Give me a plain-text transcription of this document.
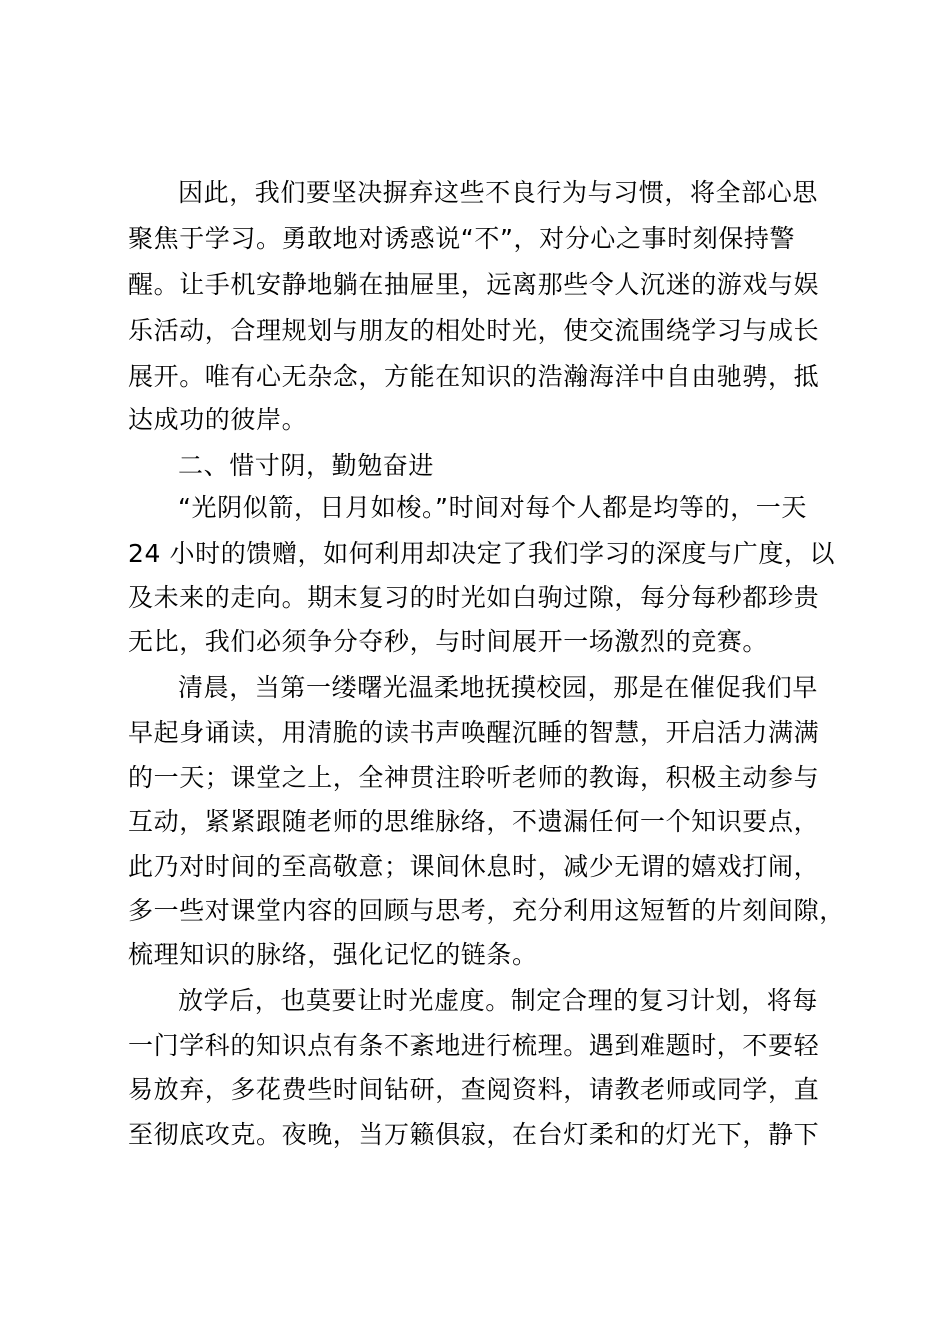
因此，我们要坚决摒弃这些不良行为与习惯，将全部心思
聚焦于学习。勇敢地对诱惑说“不”，对分心之事时刻保持警
醒。让手机安静地躺在抽屉里，远离那些令人沉迷的游戏与娱
乐活动，合理规划与朋友的相处时光，使交流围绕学习与成长
展开。唯有心无杂念，方能在知识的浩瀚海洋中自由驰骋，抵
达成功的彼岸。
二、惜寸阴，勤勉奋进
“光阴似箭，日月如梭。”时间对每个人都是均等的，一天
24 小时的馈赠，如何利用却决定了我们学习的深度与广度，以
及未来的走向。期末复习的时光如白驹过隙，每分每秒都珍贵
无比，我们必须争分夺秒，与时间展开一场激烈的竞赛。
清晨，当第一缕曙光温柔地抚摸校园，那是在催促我们早
早起身诵读，用清脆的读书声唤醒沉睡的智慧，开启活力满满
的一天；课堂之上，全神贯注聆听老师的教诲，积极主动参与
互动，紧紧跟随老师的思维脉络，不遗漏任何一个知识要点，
此乃对时间的至高敬意；课间休息时，减少无谓的嬉戏打闹，
多一些对课堂内容的回顾与思考，充分利用这短暂的片刻间隙，
梳理知识的脉络，强化记忆的链条。
放学后，也莫要让时光虚度。制定合理的复习计划，将每
一门学科的知识点有条不紊地进行梳理。遇到难题时，不要轻
易放弃，多花费些时间钻研，查阅资料，请教老师或同学，直
至彻底攻克。夜晚，当万籁俱寂，在台灯柔和的灯光下，静下
